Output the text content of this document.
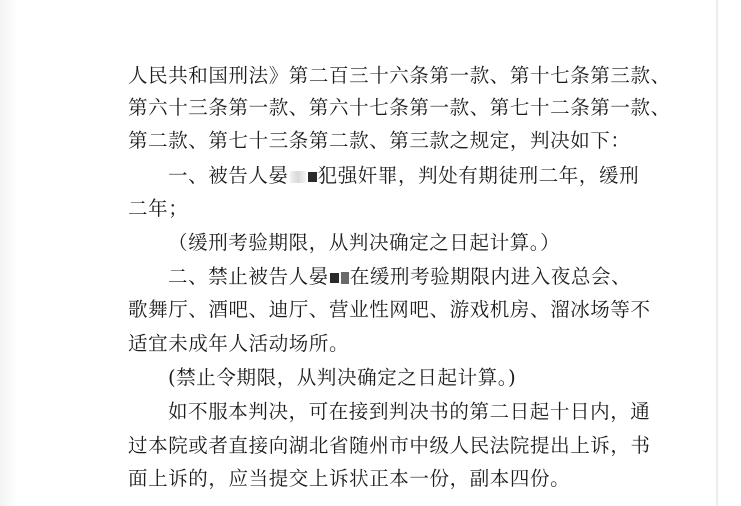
人民共和国刑法》第二百三十六条第一款、第十七条第三款、
第六十三条第一款、第六十七条第一款、第七十二条第一款、
第二款、第七十三条第二款、第三款之规定，判决如下：
一、被告人晏 犯强奸罪，判处有期徒刑二年，缓刑
二年；
（缓刑考验期限，从判决确定之日起计算。）
二、禁止被告人晏 在缓刑考验期限内进入夜总会、
歌舞厅、酒吧、迪厅、营业性网吧、游戏机房、溜冰场等不
适宜未成年人活动场所。
(禁止令期限，从判决确定之日起计算。)
如不服本判决，可在接到判决书的第二日起十日内，通
过本院或者直接向湖北省随州市中级人民法院提出上诉，书
面上诉的，应当提交上诉状正本一份，副本四份。
